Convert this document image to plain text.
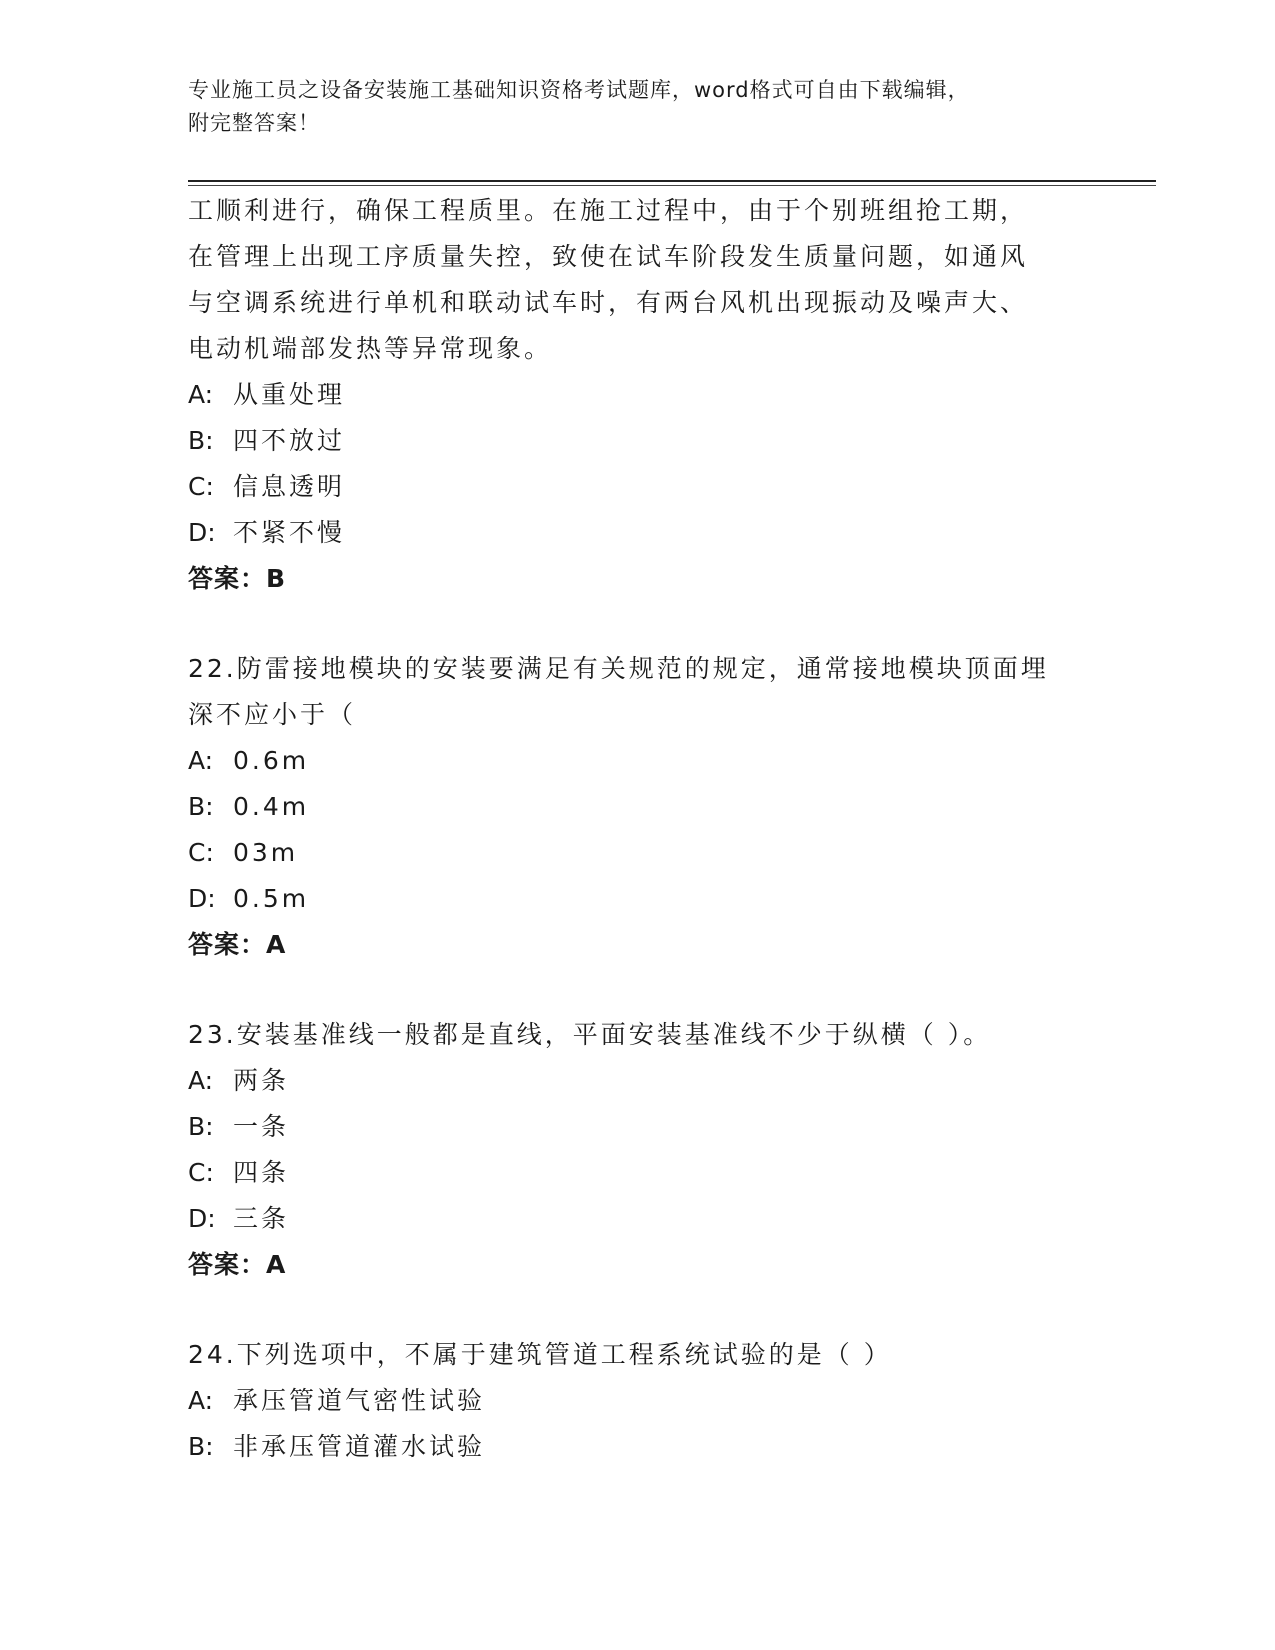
专业施工员之设备安装施工基础知识资格考试题库，word格式可自由下载编辑，
附完整答案！
工顺利进行，确保工程质里。在施工过程中，由于个别班组抢工期，
在管理上出现工序质量失控，致使在试车阶段发生质量问题，如通风
与空调系统进行单机和联动试车时，有两台风机出现振动及噪声大、
电动机端部发热等异常现象。
A: 从重处理
B: 四不放过
C: 信息透明
D: 不紧不慢
答案：B
22.防雷接地模块的安装要满足有关规范的规定，通常接地模块顶面埋
深不应小于（
A: 0.6m
B: 0.4m
C: 03m
D: 0.5m
答案：A
23.安装基准线一般都是直线，平面安装基准线不少于纵横（ ）。
A: 两条
B: 一条
C: 四条
D: 三条
答案：A
24.下列选项中，不属于建筑管道工程系统试验的是（ ）
A: 承压管道气密性试验
B: 非承压管道灌水试验
